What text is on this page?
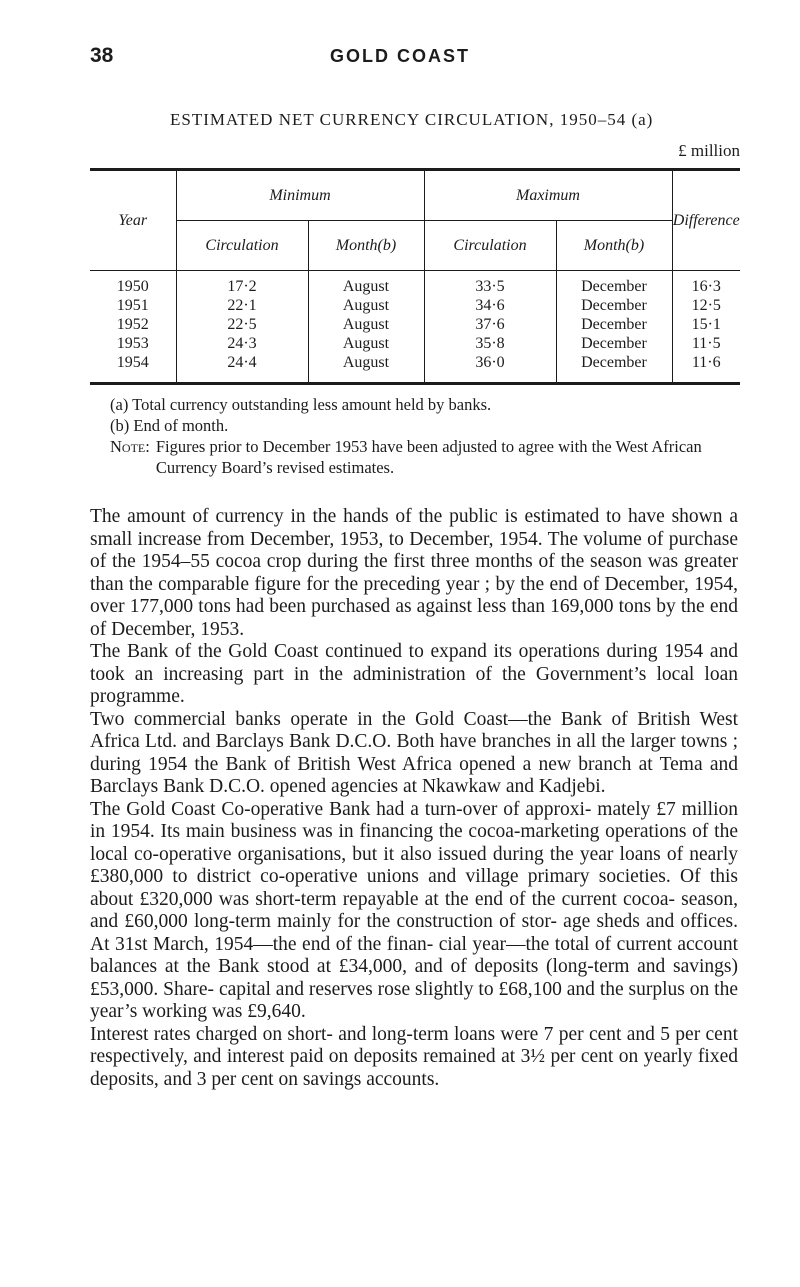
38	GOLD COAST
ESTIMATED NET CURRENCY CIRCULATION, 1950–54 (a)
£ million
Year	Minimum		Maximum		Difference
	Circulation	Month(b)	Circulation	Month(b)	
1950	17·2	August	33·5	December	16·3
1951	22·1	August	34·6	December	12·5
1952	22·5	August	37·6	December	15·1
1953	24·3	August	35·8	December	11·5
1954	24·4	August	36·0	December	11·6

(a) Total currency outstanding less amount held by banks.

(b) End of month.

Note: Figures prior to December 1953 have been adjusted to agree with the West African Currency Board’s revised estimates.

The amount of currency in the hands of the public is estimated to have shown a small increase from December, 1953, to December, 1954. The volume of purchase of the 1954–55 cocoa crop during the first three months of the season was greater than the comparable figure for the preceding year ; by the end of December, 1954, over 177,000 tons had been purchased as against less than 169,000 tons by the end of December, 1953.

The Bank of the Gold Coast continued to expand its operations during 1954 and took an increasing part in the administration of the Government’s local loan programme.

Two commercial banks operate in the Gold Coast—the Bank of British West Africa Ltd. and Barclays Bank D.C.O. Both have branches in all the larger towns ; during 1954 the Bank of British West Africa opened a new branch at Tema and Barclays Bank D.C.O. opened agencies at Nkawkaw and Kadjebi.

The Gold Coast Co-operative Bank had a turn-over of approxi- mately £7 million in 1954. Its main business was in financing the cocoa-marketing operations of the local co-operative organisations, but it also issued during the year loans of nearly £380,000 to district co-operative unions and village primary societies. Of this about £320,000 was short-term repayable at the end of the current cocoa- season, and £60,000 long-term mainly for the construction of stor- age sheds and offices. At 31st March, 1954—the end of the finan- cial year—the total of current account balances at the Bank stood at £34,000, and of deposits (long-term and savings) £53,000. Share- capital and reserves rose slightly to £68,100 and the surplus on the year’s working was £9,640.

Interest rates charged on short- and long-term loans were 7 per cent and 5 per cent respectively, and interest paid on deposits remained at 3½ per cent on yearly fixed deposits, and 3 per cent on savings accounts.
